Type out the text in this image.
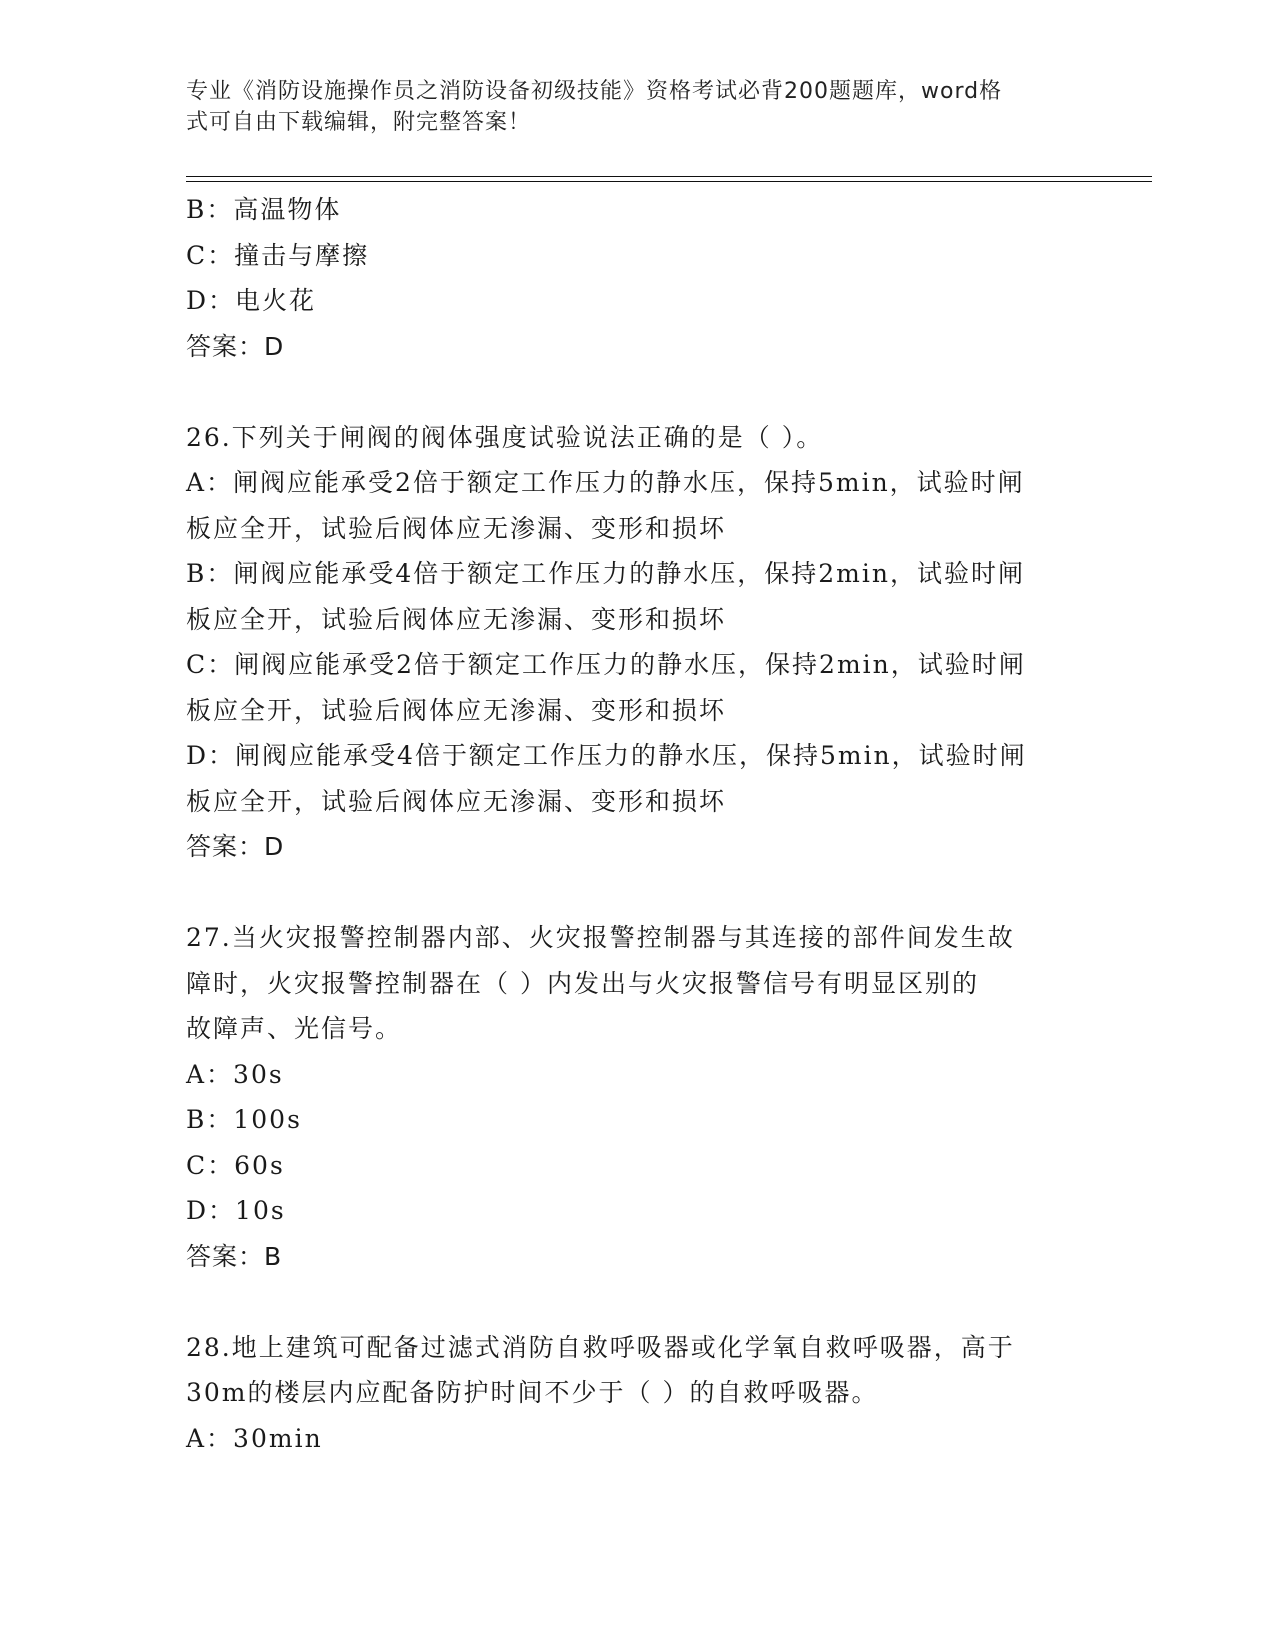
专业《消防设施操作员之消防设备初级技能》资格考试必背200题题库，word格
式可自由下载编辑，附完整答案！
B：高温物体
C：撞击与摩擦
D：电火花
答案：D
26.下列关于闸阀的阀体强度试验说法正确的是（ ）。
A：闸阀应能承受2倍于额定工作压力的静水压，保持5min，试验时闸
板应全开，试验后阀体应无渗漏、变形和损坏
B：闸阀应能承受4倍于额定工作压力的静水压，保持2min，试验时闸
板应全开，试验后阀体应无渗漏、变形和损坏
C：闸阀应能承受2倍于额定工作压力的静水压，保持2min，试验时闸
板应全开，试验后阀体应无渗漏、变形和损坏
D：闸阀应能承受4倍于额定工作压力的静水压，保持5min，试验时闸
板应全开，试验后阀体应无渗漏、变形和损坏
答案：D
27.当火灾报警控制器内部、火灾报警控制器与其连接的部件间发生故
障时，火灾报警控制器在（ ）内发出与火灾报警信号有明显区别的
故障声、光信号。
A：30s
B：100s
C：60s
D：10s
答案：B
28.地上建筑可配备过滤式消防自救呼吸器或化学氧自救呼吸器，高于
30m的楼层内应配备防护时间不少于（ ）的自救呼吸器。
A：30min
